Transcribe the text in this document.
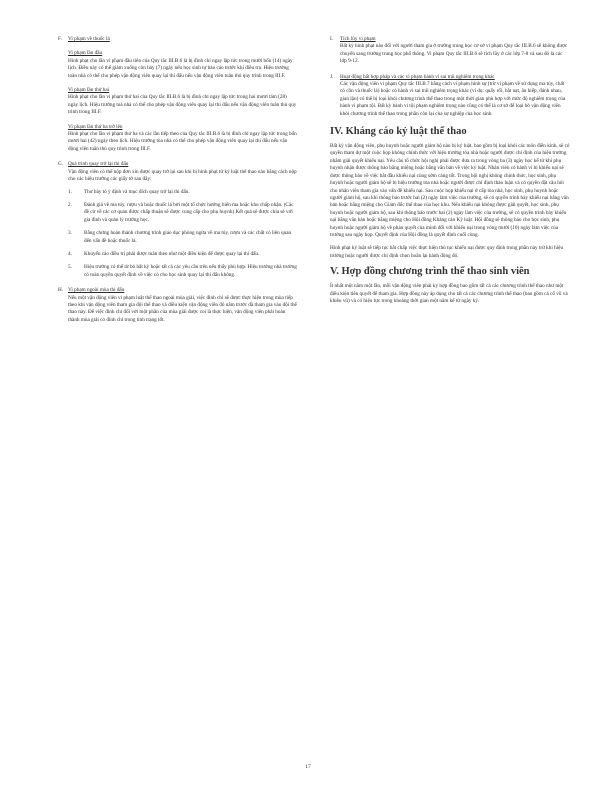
F. Vi phạm về thuốc lá
Vi phạm lần đầu
Hình phạt cho lần vi phạm đầu tiên của Quy tắc III.B.6 là bị đình chỉ ngay lập tức trong mười bốn (14) ngày lịch. Điều này có thể giảm xuống còn bảy (7) ngày nếu học sinh tự báo cáo trước khi điều tra. Hiệu trưởng toàn nhà có thể cho phép vận động viên quay lại thi đấu nếu vận động viên tuân thủ quy trình trong III.F.
Vi phạm lần thứ hai
Hình phạt cho lần vi phạm thứ hai của Quy tắc III.B.6 là bị đình chỉ ngay lập tức trong hai mươi tám (28) ngày lịch. Hiệu trưởng toà nhà có thể cho phép vận động viên quay lại thi đấu nếu vận động viên tuân thủ quy trình trong III.F.
Vi phạm lần thứ ba trở lên
Hình phạt cho lần vi phạm thứ ba và các lần tiếp theo của Quy tắc III.B.6 là bị đình chỉ ngay lập tức trong bốn mươi hai (42) ngày theo lịch. Hiệu trưởng tòa nhà có thể cho phép vận động viên quay lại thi đấu nếu vận động viên tuân thủ quy trình trong III.F.
G. Quá trình quay trở lại thi đấu
Vận động viên có thể nộp đơn xin được quay trở lại sau khi bị hình phạt từ kỷ luật thể thao nào bằng cách nộp cho các hiệu trưởng các giấy tờ sau đây:
1. Thư bày tỏ ý định và mục đích quay trở lại thi đấu.
2. Đánh giá về ma túy, rượu và hoặc thuốc lá bởi một tổ chức hướng biến ma hoặc khu chấp nhận. (Các đề cử về các cơ quan được chấp thuận sẽ được cung cấp cho phụ huynh) Kết quả sẽ được chia sẻ với gia đình và quản lý trường học.
3. Bằng chứng hoàn thành chương trình giáo dục phòng ngừa về ma túy, rượu và các chất có liên quan đến vấn đề hoặc thuốc lá.
4. Khuyến cáo điều trị phải được tuân theo như một điều kiện để được quay lại thi đấu.
5. Hiệu trưởng có thể từ bỏ bất kỳ hoặc tất cả các yêu cầu trên nếu thấy phù hợp. Hiệu trưởng nhà trường có toàn quyền quyết định về việc có cho học sinh quay lại thi đấu không.
H. Vi phạm ngoài mùa thi đấu
Nếu một vận động viên vi phạm luật thể thao ngoài mùa giải, việc đình chỉ sẽ được thực hiện trong mùa tiếp theo khi vận động viên tham gia đội thể thao và điều kiện vận động viên đó nằm trước đã tham gia vào đội thể thao này. Để việc đình chỉ đối với một phần của mùa giải được coi là thực hiện, vận động viên phải hoàn thành mùa giải có đình chỉ trong tình trạng tốt.
I. Tích lũy vi phạm
Bất kỳ hình phạt nào đối với người tham gia ở trường trung học cơ sở vi phạm Quy tắc III.B.6 sẽ không được chuyển sang trường trung học phổ thông. Vi phạm Quy tắc III.B.6 sẽ tích lũy ở các lớp 7-8 và sau đó là các lớp 9-12.
J. Hoạt động bất hợp pháp và các vi phạm hành vi sai trái nghiêm trọng khác
Các vận động viên vi phạm Quy tắc III.B.7 bằng cách vi phạm hình sự (trừ vi phạm về sử dụng ma túy, chất có cồn và thuốc lá) hoặc có hành vi sai trái nghiêm trọng khác (ví dụ: quấy rối, bắt nạt, ăn hiếp, đánh nhau, gian lận) có thể bị loại khỏi chương trình thể thao trong một thời gian phù hợp với mức độ nghiêm trọng của hành vi phạm tội. Bất kỳ hành vi tội phạm nghiêm trọng nào cũng có thể là cơ sở để loại bỏ vận động viên khỏi chương trình thể thao trong phần còn lại của sự nghiệp của học sinh.
IV. Kháng cáo kỷ luật thể thao
Bất kỳ vận động viên, phụ huynh hoặc người giám hộ nào bị kỷ luật, bao gồm bị loại khỏi các môn điền kinh, sẽ có quyền tham dự một cuộc họp không chính thức với hiệu trưởng tòa nhà hoặc người được chỉ định của hiệu trưởng nhằm giải quyết khiếu nại. Yêu cầu tổ chức hội nghị phải được đưa ra trong vòng ba (3) ngày học kể từ khi phụ huynh nhận được thông báo bằng miệng hoặc bằng văn bản về việc kỷ luật. Nhân viên có hành vi bị khiếu nại sẽ được thông báo về việc bắt đầu khiếu nại cùng sớm càng tốt. Trong hội nghị không chính thức, học sinh, phụ huynh hoặc người giám hộ sẽ bị hiệu trưởng tòa nhà hoặc người được chỉ định thảo luận và có quyền đặt câu hỏi cho nhân viên tham gia vào vấn đề khiếu nại. Sau cuộc họp khiếu nại ở cấp tòa nhà, học sinh, phụ huynh hoặc người giám hộ, sau khi thông báo trước hai (2) ngày làm việc của trường, sẽ có quyền trình bày khiếu nại bằng văn bản hoặc bằng miệng cho Giám đốc thể thao của học khu. Nếu khiếu nại không được giải quyết, học sinh, phụ huynh hoặc người giám hộ, sau khi thông báo trước hai (2) ngày làm việc của trường, sẽ có quyền trình bày khiếu nại bằng văn bản hoặc bằng miệng cho Hội đồng Kháng cáo Kỷ luật. Hội đồng sẽ thông báo cho học sinh, phụ huynh hoặc người giám hộ về phán quyết của mình đối với khiếu nại trong vòng mười (10) ngày làm việc của trường sau ngày họp. Quyết định của Hội đồng là quyết định cuối cùng.
Hình phạt kỷ luật sẽ tiếp tục bắt chấp việc thực hiện thủ tục khiếu nại được quy định trong phần này trừ khi hiệu trưởng hoặc người được chỉ định chọn hoãn lại hành động đó.
V. Hợp đồng chương trình thể thao sinh viên
Ít nhất một năm một lần, mỗi vận động viên phải ký hợp đồng bao gồm tất cả các chương trình thể thao như một điều kiện tiên quyết để tham gia. Hợp đồng này áp dụng cho tất cả các chương trình thể thao (bao gồm cả cổ vũ và khiêu vũ) và có hiệu lực trong khoảng thời gian một năm kể từ ngày ký.
17
